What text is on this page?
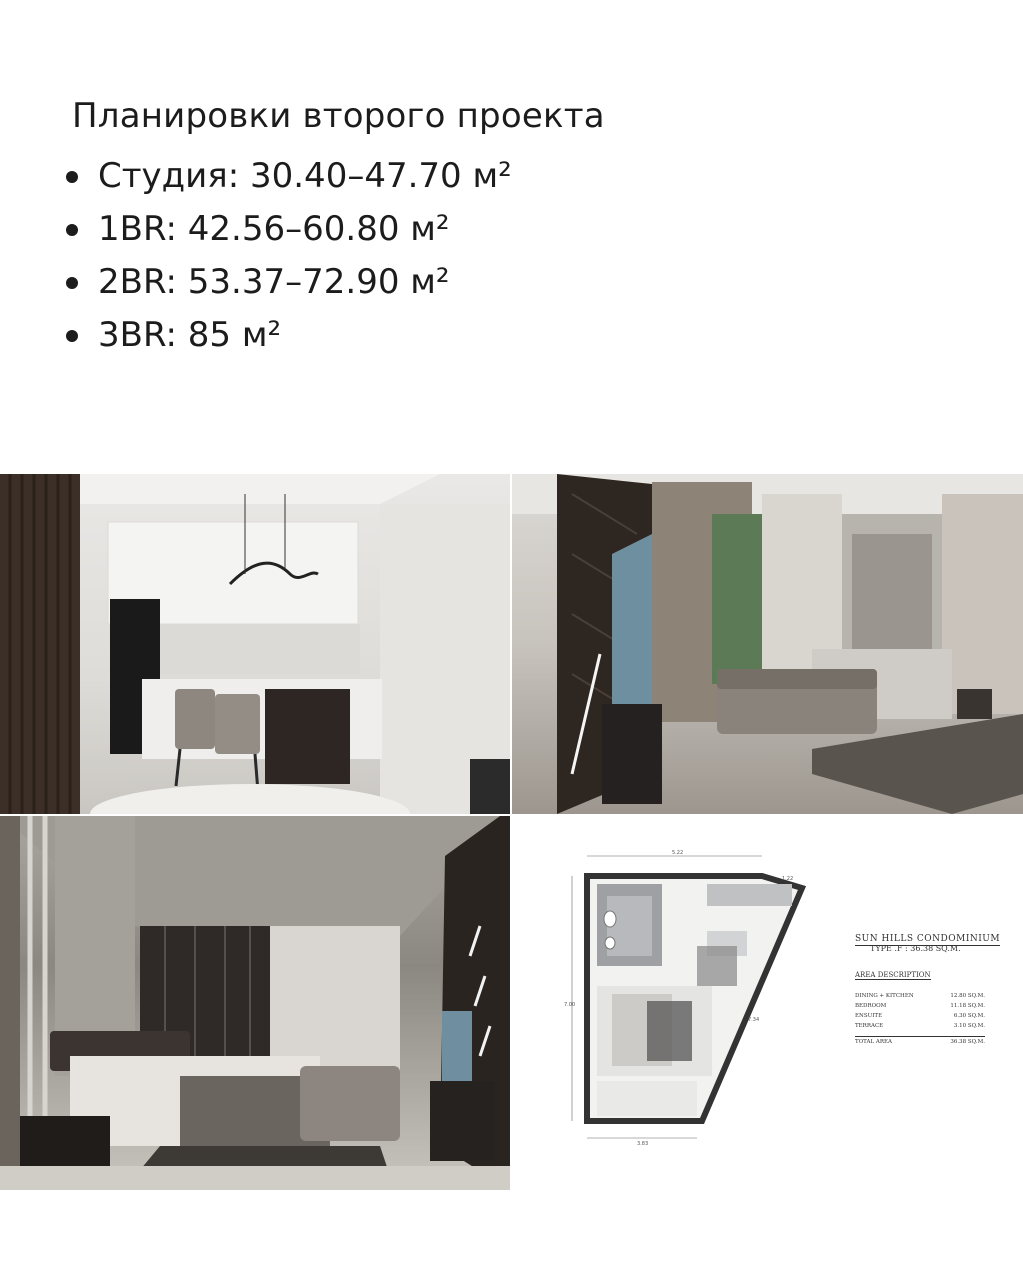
Планировки второго проекта
Студия: 30.40–47.70 м²
1BR: 42.56–60.80 м²
2BR: 53.37–72.90 м²
3BR: 85 м²
5.22
1.22
7.00
7.34
3.83
SUN HILLS CONDOMINIUM
TYPE .F : 36.38 SQ.M.
AREA DESCRIPTION
DINING + KITCHEN	12.80 SQ.M.
BEDROOM	11.18 SQ.M.
ENSUITE	6.30 SQ.M.
TERRACE	3.10 SQ.M.
TOTAL AREA	36.38 SQ.M.
